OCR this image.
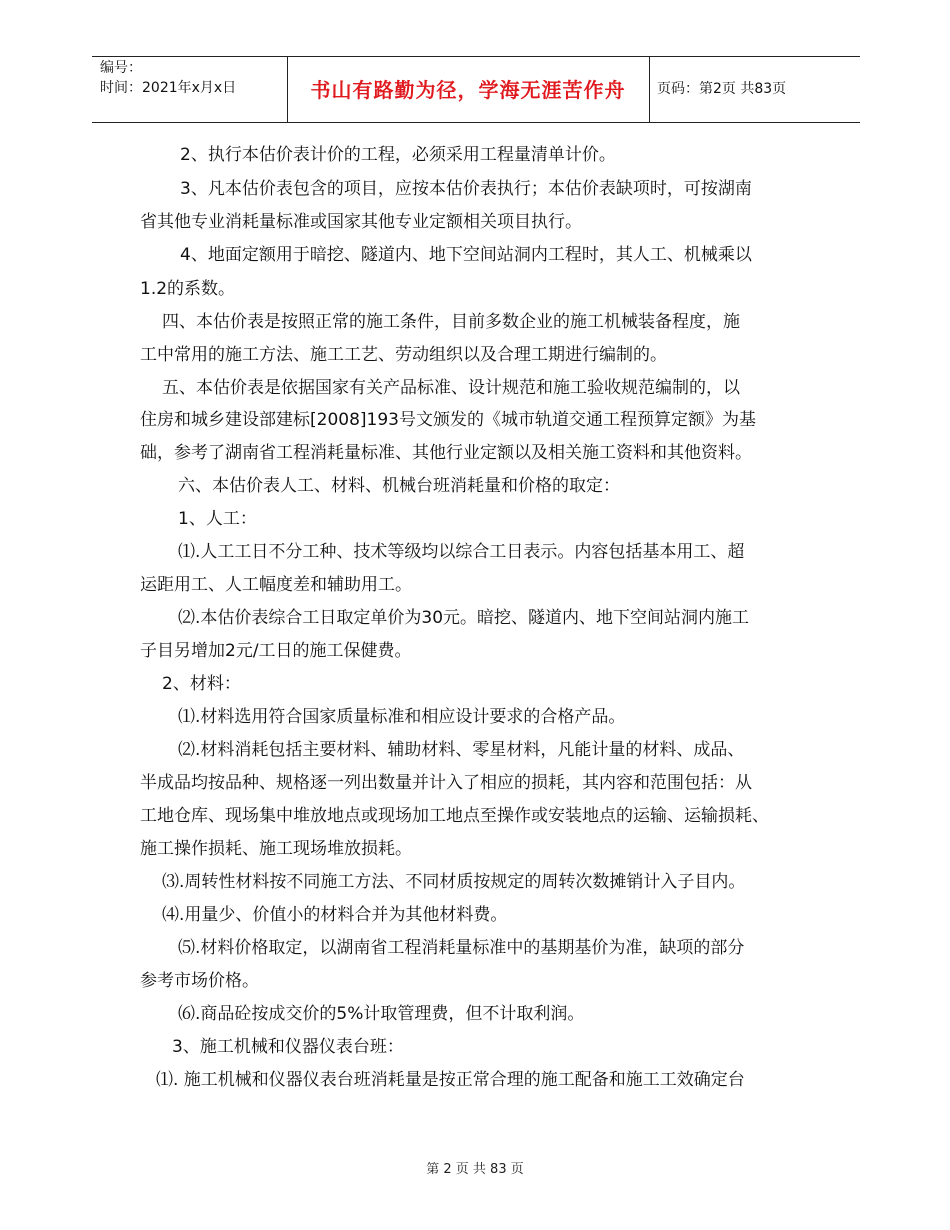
编号：
时间：2021年x月x日	书山有路勤为径，学海无涯苦作舟	页码：第2页 共83页
2、执行本估价表计价的工程，必须采用工程量清单计价。
3、凡本估价表包含的项目，应按本估价表执行；本估价表缺项时，可按湖南
省其他专业消耗量标准或国家其他专业定额相关项目执行。
4、地面定额用于暗挖、隧道内、地下空间站洞内工程时，其人工、机械乘以
1.2的系数。
四、本估价表是按照正常的施工条件，目前多数企业的施工机械装备程度，施
工中常用的施工方法、施工工艺、劳动组织以及合理工期进行编制的。
五、本估价表是依据国家有关产品标准、设计规范和施工验收规范编制的，以
住房和城乡建设部建标[2008]193号文颁发的《城市轨道交通工程预算定额》为基
础，参考了湖南省工程消耗量标准、其他行业定额以及相关施工资料和其他资料。
六、本估价表人工、材料、机械台班消耗量和价格的取定：
1、人工：
⑴.人工工日不分工种、技术等级均以综合工日表示。内容包括基本用工、超
运距用工、人工幅度差和辅助用工。
⑵.本估价表综合工日取定单价为30元。暗挖、隧道内、地下空间站洞内施工
子目另增加2元/工日的施工保健费。
2、材料：
⑴.材料选用符合国家质量标准和相应设计要求的合格产品。
⑵.材料消耗包括主要材料、辅助材料、零星材料，凡能计量的材料、成品、
半成品均按品种、规格逐一列出数量并计入了相应的损耗，其内容和范围包括：从
工地仓库、现场集中堆放地点或现场加工地点至操作或安装地点的运输、运输损耗、
施工操作损耗、施工现场堆放损耗。
⑶.周转性材料按不同施工方法、不同材质按规定的周转次数摊销计入子目内。
⑷.用量少、价值小的材料合并为其他材料费。
⑸.材料价格取定，以湖南省工程消耗量标准中的基期基价为准，缺项的部分
参考市场价格。
⑹.商品砼按成交价的5%计取管理费，但不计取利润。
3、施工机械和仪器仪表台班：
⑴. 施工机械和仪器仪表台班消耗量是按正常合理的施工配备和施工工效确定台
第 2 页 共 83 页
